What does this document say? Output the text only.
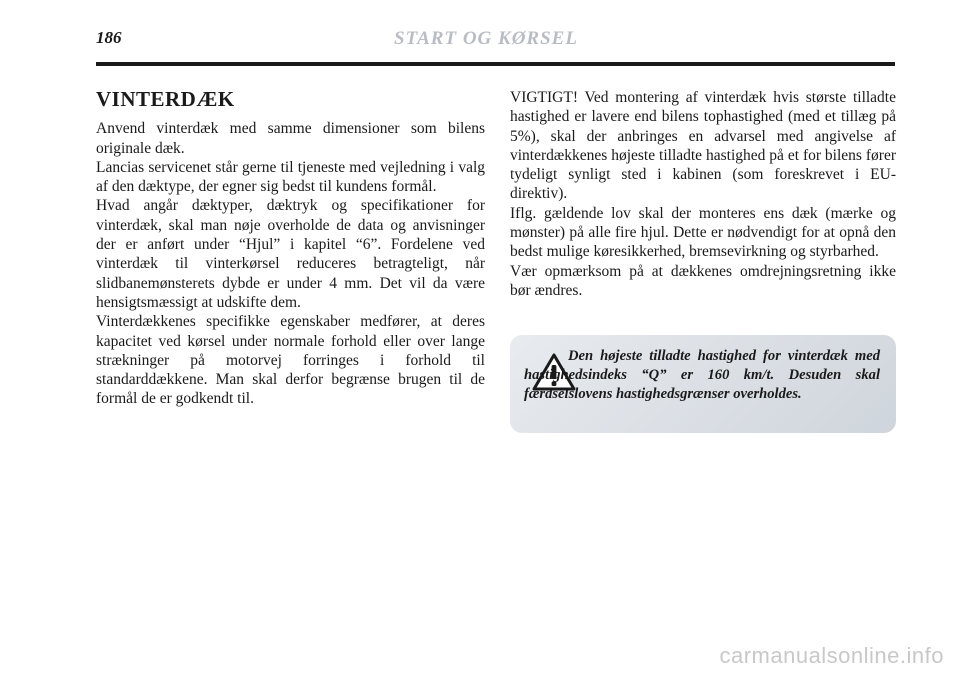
186	START OG KØRSEL
VINTERDÆK

Anvend vinterdæk med samme dimensioner som bilens originale dæk.

Lancias servicenet står gerne til tjeneste med vejledning i valg af den dæktype, der egner sig bedst til kundens formål.

Hvad angår dæktyper, dæktryk og specifikationer for vinterdæk, skal man nøje overholde de data og anvisninger der er anført under “Hjul” i kapitel “6”. Fordelene ved vinterdæk til vinterkørsel reduceres betragteligt, når slidbanemønsterets dybde er under 4 mm. Det vil da være hensigtsmæssigt at udskifte dem.

Vinterdækkenes specifikke egenskaber medfører, at deres kapacitet ved kørsel under normale forhold eller over lange strækninger på motorvej forringes i forhold til standarddækkene. Man skal derfor begrænse brugen til de formål de er godkendt til.

VIGTIGT! Ved montering af vinterdæk hvis største tilladte hastighed er lavere end bilens tophastighed (med et tillæg på 5%), skal der anbringes en advarsel med angivelse af vinterdækkenes højeste tilladte hastighed på et for bilens fører tydeligt synligt sted i kabinen (som foreskrevet i EU-direktiv).

Iflg. gældende lov skal der monteres ens dæk (mærke og mønster) på alle fire hjul. Dette er nødvendigt for at opnå den bedst mulige køresikkerhed, bremsevirkning og styrbarhed.

Vær opmærksom på at dækkenes omdrejningsretning ikke bør ændres.

Den højeste tilladte hastighed for vinterdæk med hastighedsindeks “Q” er 160 km/t. Desuden skal færdselslovens hastighedsgrænser overholdes.
carmanualsonline.info
